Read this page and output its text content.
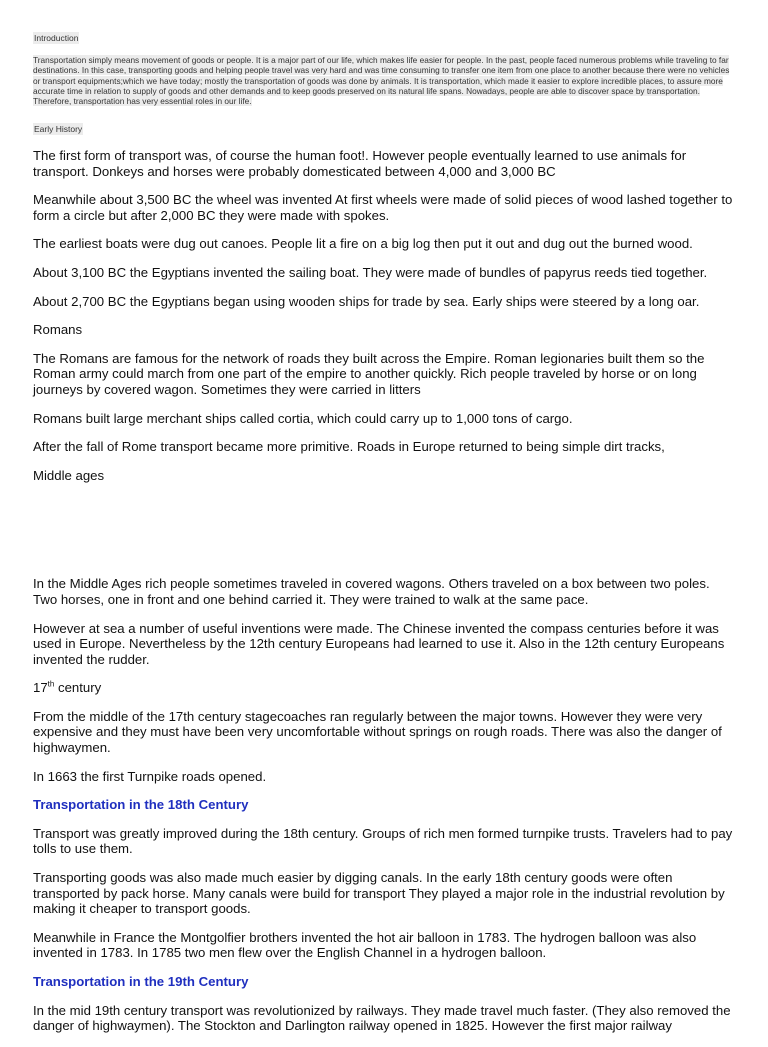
Introduction

Transportation simply means movement of goods or people. It is a major part of our life, which makes life easier for people. In the past, people faced numerous problems while traveling to far destinations. In this case, transporting goods and helping people travel was very hard and was time consuming to transfer one item from one place to another because there were no vehicles or transport equipments;which we have today; mostly the transportation of goods was done by animals. It is transportation, which made it easier to explore incredible places, to assure more accurate time in relation to supply of goods and other demands and to keep goods preserved on its natural life spans. Nowadays, people are able to discover space by transportation. Therefore, transportation has very essential roles in our life.

Early History

The first form of transport was, of course the human foot!. However people eventually learned to use animals for transport. Donkeys and horses were probably domesticated between 4,000 and 3,000 BC

Meanwhile about 3,500 BC the wheel was invented At first wheels were made of solid pieces of wood lashed together to form a circle but after 2,000 BC they were made with spokes.

The earliest boats were dug out canoes. People lit a fire on a big log then put it out and dug out the burned wood.

About 3,100 BC the Egyptians invented the sailing boat. They were made of bundles of papyrus reeds tied together.

About 2,700 BC the Egyptians began using wooden ships for trade by sea. Early ships were steered by a long oar.

Romans

The Romans are famous for the network of roads they built across the Empire. Roman legionaries built them so the Roman army could march from one part of the empire to another quickly. Rich people traveled by horse or on long journeys by covered wagon. Sometimes they were carried in litters

Romans built large merchant ships called cortia, which could carry up to 1,000 tons of cargo.

After the fall of Rome transport became more primitive. Roads in Europe returned to being simple dirt tracks,

Middle ages

In the Middle Ages rich people sometimes traveled in covered wagons. Others traveled on a box between two poles. Two horses, one in front and one behind carried it. They were trained to walk at the same pace.

However at sea a number of useful inventions were made. The Chinese invented the compass centuries before it was used in Europe. Nevertheless by the 12th century Europeans had learned to use it. Also in the 12th century Europeans invented the rudder.

17th century

From the middle of the 17th century stagecoaches ran regularly between the major towns. However they were very expensive and they must have been very uncomfortable without springs on rough roads. There was also the danger of highwaymen.

In 1663 the first Turnpike roads opened.

Transportation in the 18th Century

Transport was greatly improved during the 18th century. Groups of rich men formed turnpike trusts. Travelers had to pay tolls to use them.

Transporting goods was also made much easier by digging canals. In the early 18th century goods were often transported by pack horse. Many canals were build for transport They played a major role in the industrial revolution by making it cheaper to transport goods.

Meanwhile in France the Montgolfier brothers invented the hot air balloon in 1783. The hydrogen balloon was also invented in 1783. In 1785 two men flew over the English Channel in a hydrogen balloon.

Transportation in the 19th Century

In the mid 19th century transport was revolutionized by railways. They made travel much faster. (They also removed the danger of highwaymen). The Stockton and Darlington railway opened in 1825. However the first major railway
